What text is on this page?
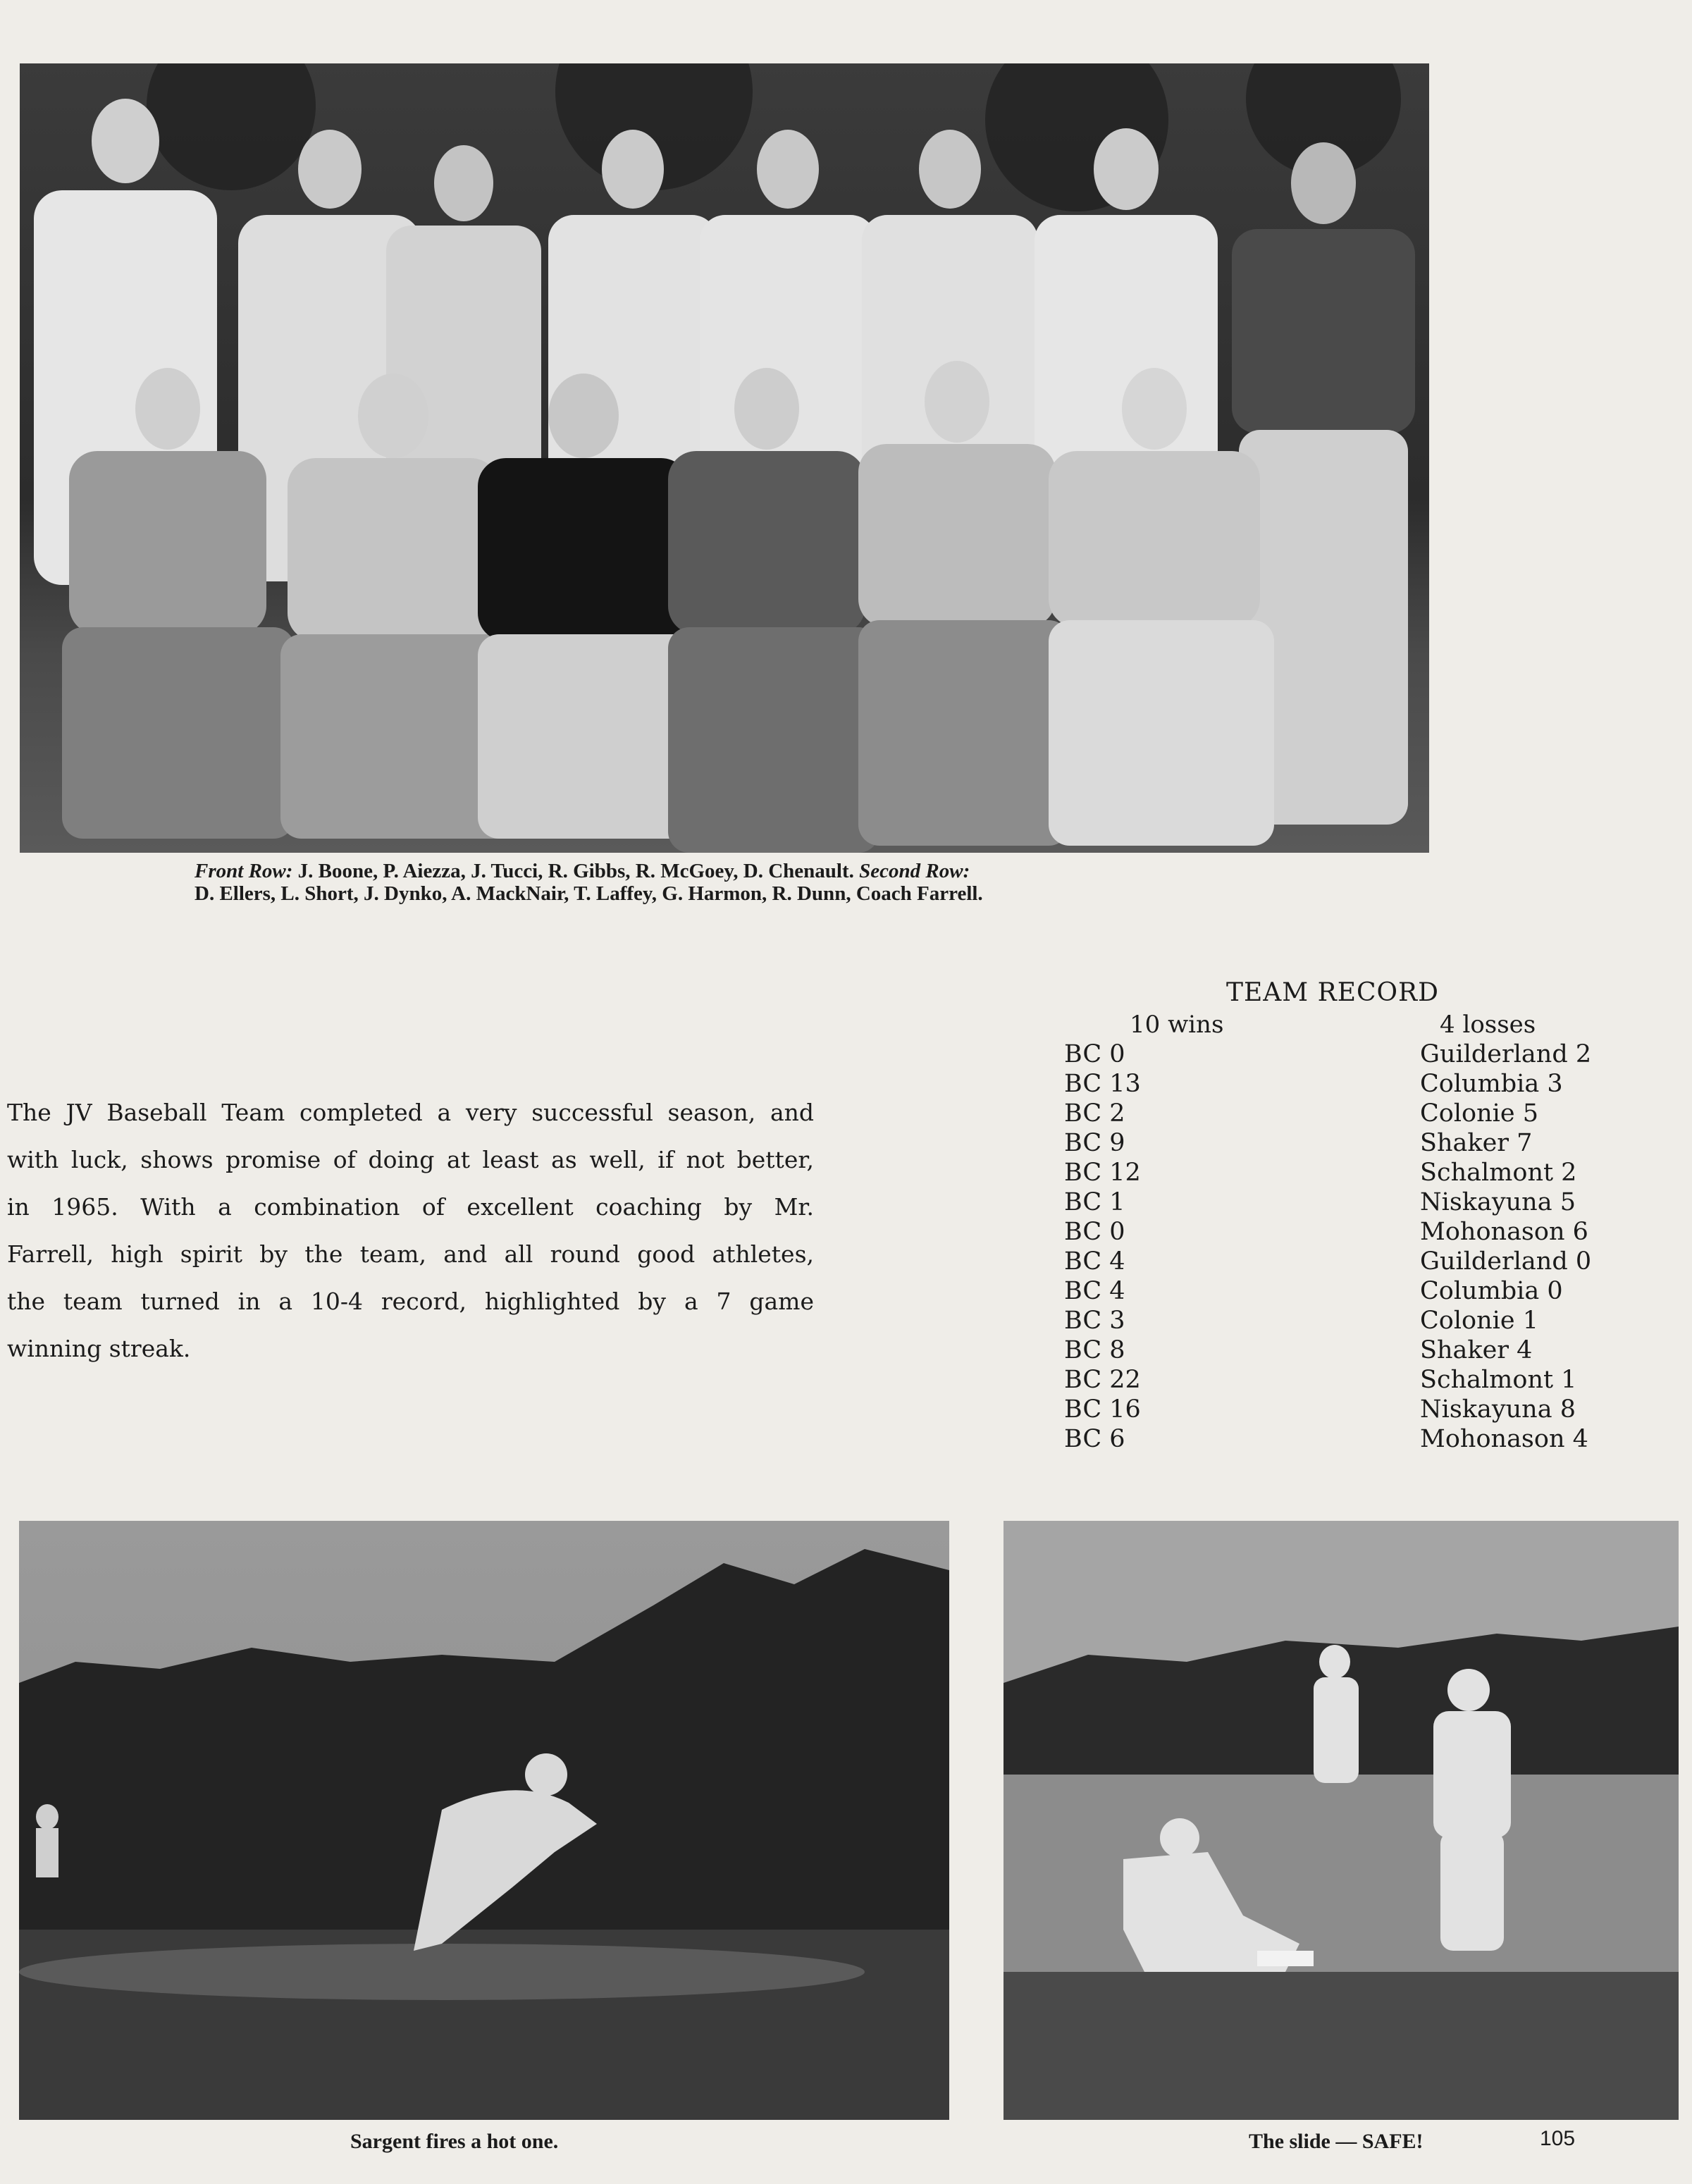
Front Row: J. Boone, P. Aiezza, J. Tucci, R. Gibbs, R. McGoey, D. Chenault. Second Row:
D. Ellers, L. Short, J. Dynko, A. MackNair, T. Laffey, G. Harmon, R. Dunn, Coach Farrell.
The JV Baseball Team completed a very successful season, and
with luck, shows promise of doing at least as well, if not better,
in 1965. With a combination of excellent coaching by Mr.
Farrell, high spirit by the team, and all round good athletes,
the team turned in a 10-4 record, highlighted by a 7 game
winning streak.
TEAM RECORD
10 wins	4 losses
BC 0	Guilderland 2
BC 13	Columbia 3
BC 2	Colonie 5
BC 9	Shaker 7
BC 12	Schalmont 2
BC 1	Niskayuna 5
BC 0	Mohonason 6
BC 4	Guilderland 0
BC 4	Columbia 0
BC 3	Colonie 1
BC 8	Shaker 4
BC 22	Schalmont 1
BC 16	Niskayuna 8
BC 6	Mohonason 4
Sargent fires a hot one.	The slide — SAFE!	105
